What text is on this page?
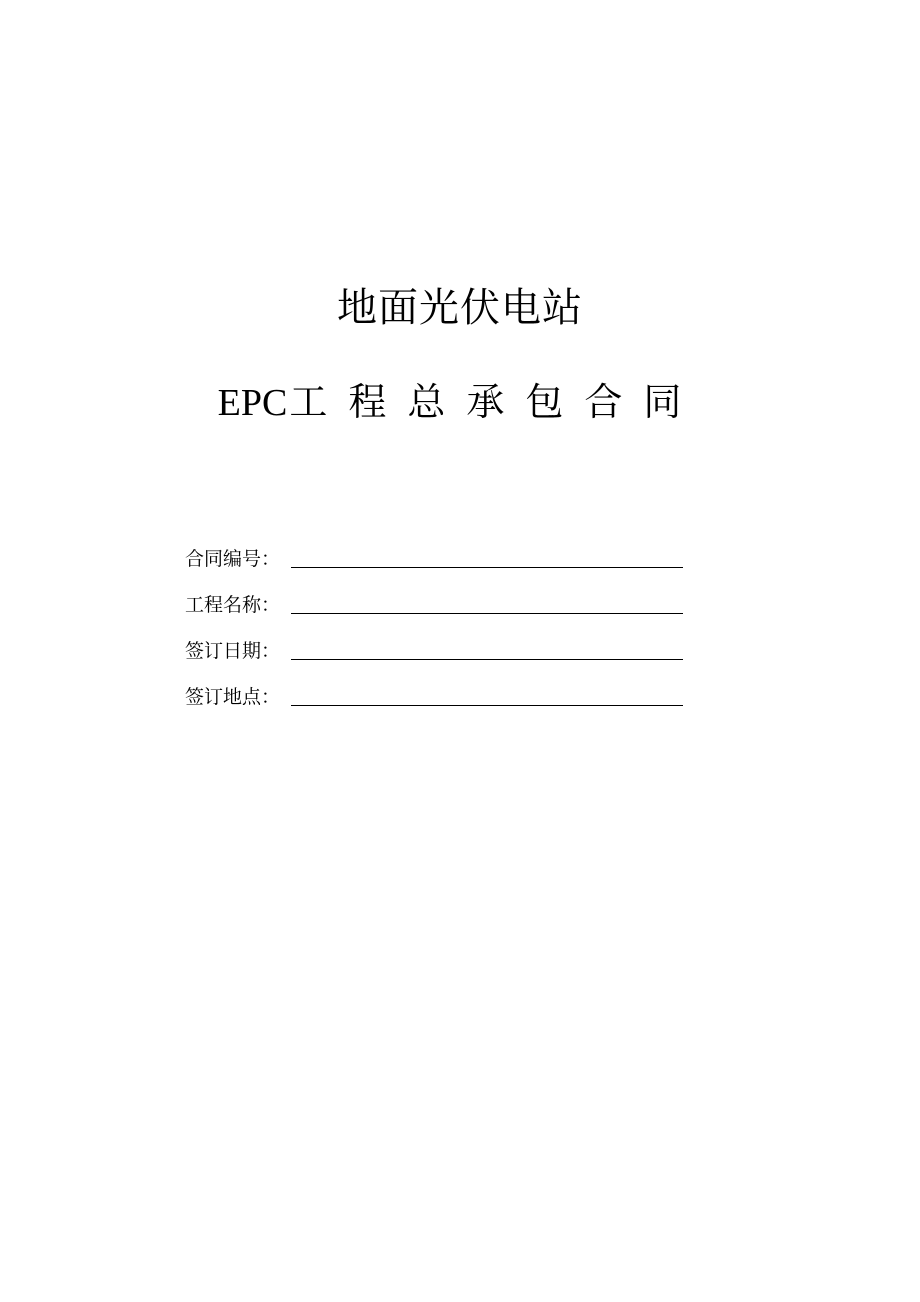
地面光伏电站
EPC工程总承包合同
合同编号：
工程名称：
签订日期：
签订地点：
